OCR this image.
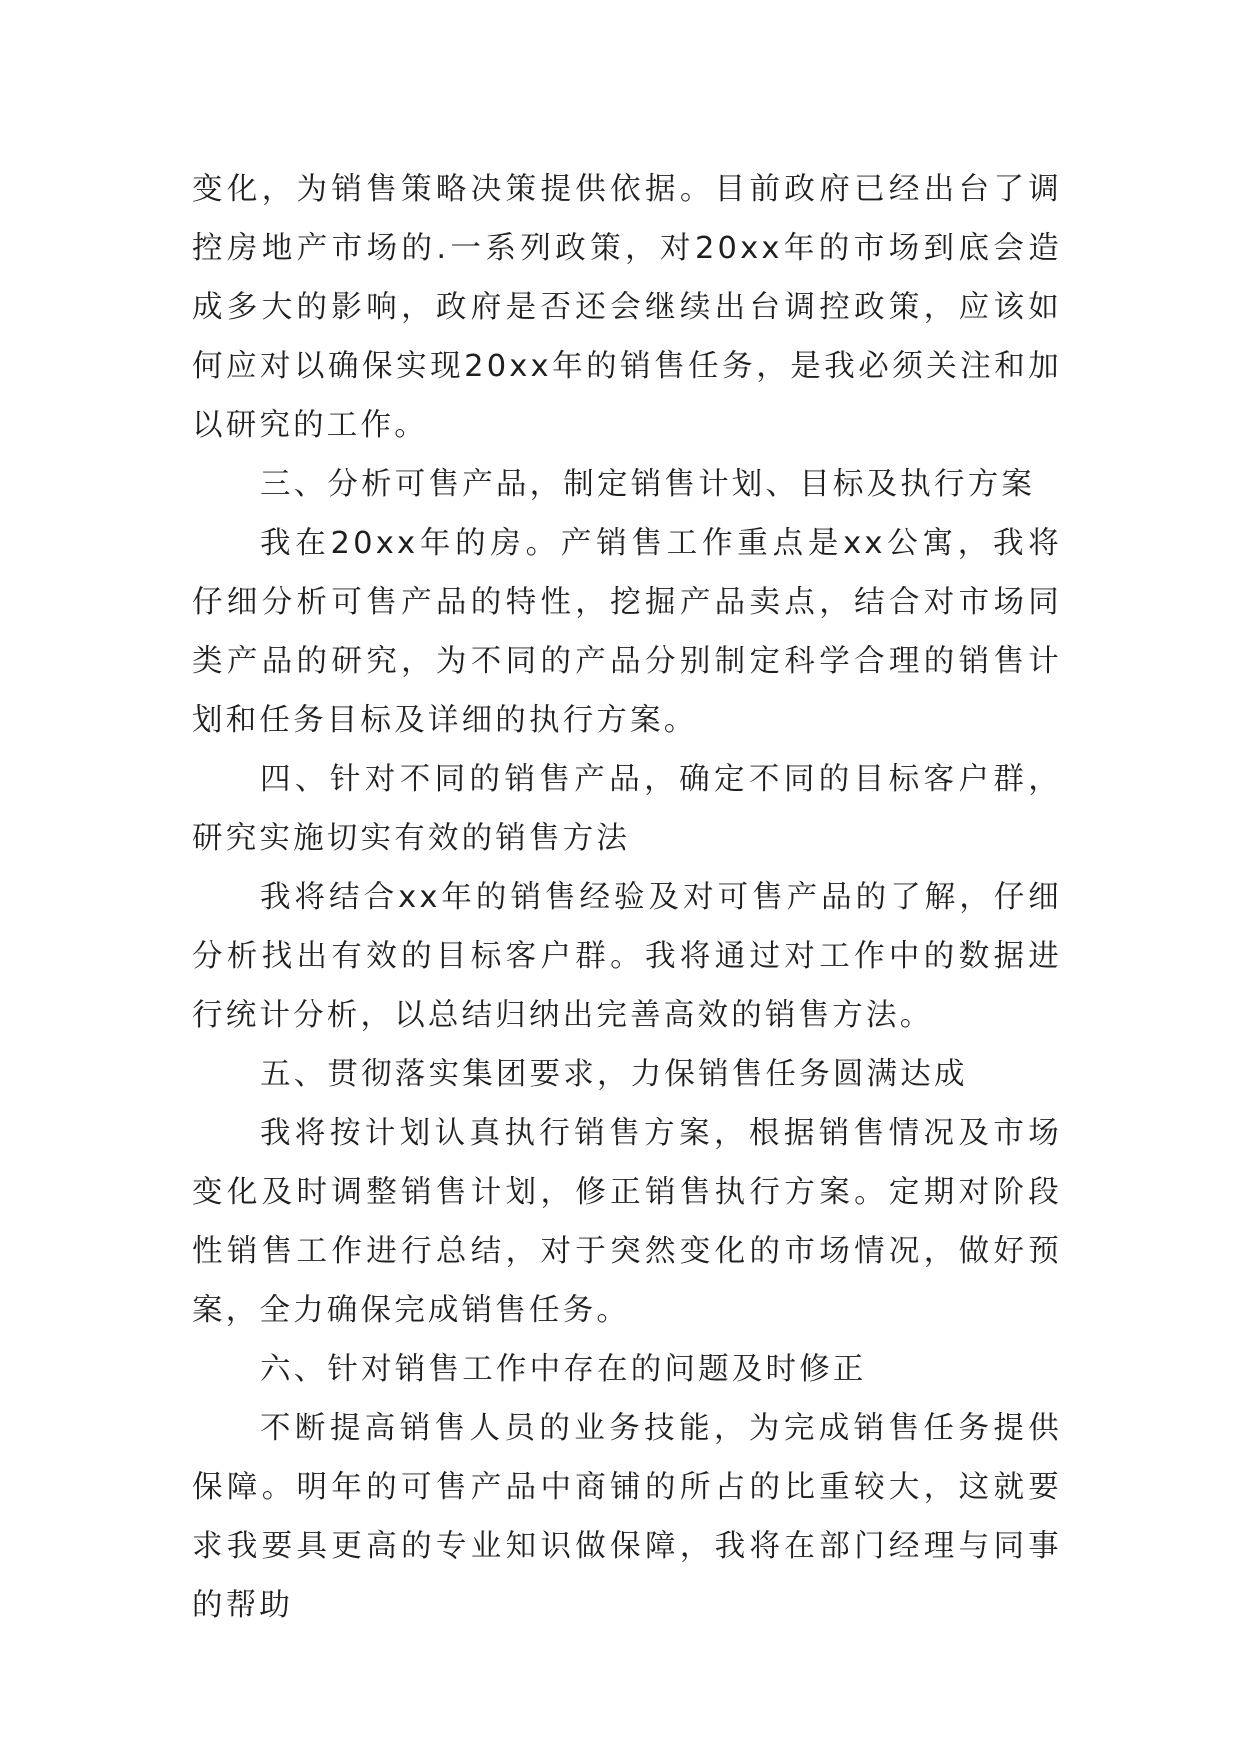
变化，为销售策略决策提供依据。目前政府已经出台了调控房地产市场的.一系列政策，对20xx年的市场到底会造成多大的影响，政府是否还会继续出台调控政策，应该如何应对以确保实现20xx年的销售任务，是我必须关注和加以研究的工作。

三、分析可售产品，制定销售计划、目标及执行方案

我在20xx年的房。产销售工作重点是xx公寓，我将仔细分析可售产品的特性，挖掘产品卖点，结合对市场同类产品的研究，为不同的产品分别制定科学合理的销售计划和任务目标及详细的执行方案。

四、针对不同的销售产品，确定不同的目标客户群，研究实施切实有效的销售方法

我将结合xx年的销售经验及对可售产品的了解，仔细分析找出有效的目标客户群。我将通过对工作中的数据进行统计分析，以总结归纳出完善高效的销售方法。

五、贯彻落实集团要求，力保销售任务圆满达成

我将按计划认真执行销售方案，根据销售情况及市场变化及时调整销售计划，修正销售执行方案。定期对阶段性销售工作进行总结，对于突然变化的市场情况，做好预案，全力确保完成销售任务。

六、针对销售工作中存在的问题及时修正

不断提高销售人员的业务技能，为完成销售任务提供保障。明年的可售产品中商铺的所占的比重较大，这就要求我要具更高的专业知识做保障，我将在部门经理与同事的帮助
